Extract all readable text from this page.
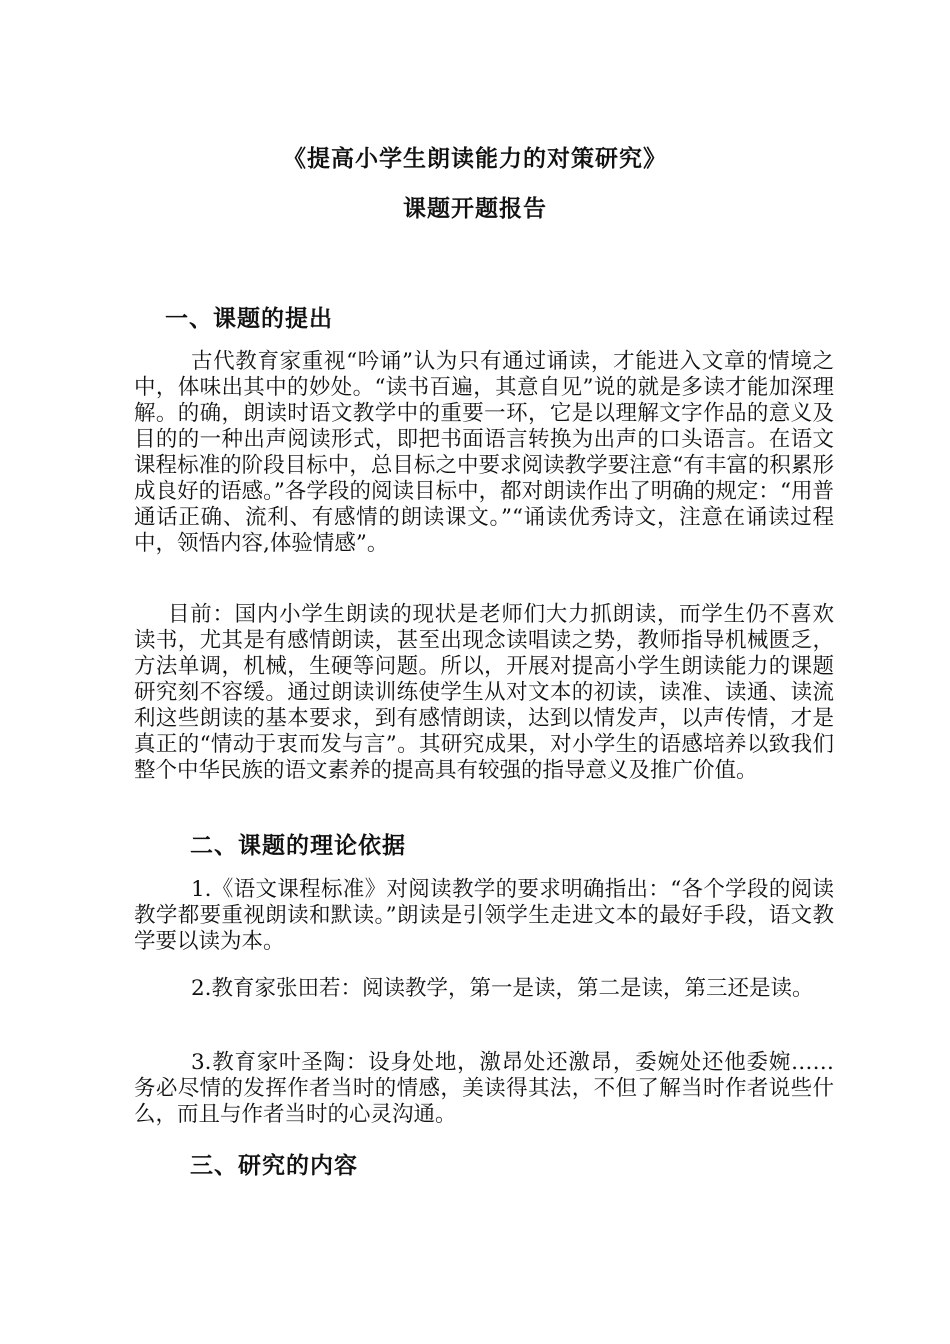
《提高小学生朗读能力的对策研究》
课题开题报告
一、课题的提出
古代教育家重视“吟诵”认为只有通过诵读，才能进入文章的情境之中，体味出其中的妙处。“读书百遍，其意自见”说的就是多读才能加深理解。的确，朗读时语文教学中的重要一环，它是以理解文字作品的意义及目的的一种出声阅读形式，即把书面语言转换为出声的口头语言。在语文课程标准的阶段目标中，总目标之中要求阅读教学要注意“有丰富的积累形成良好的语感。”各学段的阅读目标中，都对朗读作出了明确的规定：“用普通话正确、流利、有感情的朗读课文。”“诵读优秀诗文，注意在诵读过程中，领悟内容,体验情感”。
目前：国内小学生朗读的现状是老师们大力抓朗读，而学生仍不喜欢读书，尤其是有感情朗读，甚至出现念读唱读之势，教师指导机械匮乏，方法单调，机械，生硬等问题。所以，开展对提高小学生朗读能力的课题研究刻不容缓。通过朗读训练使学生从对文本的初读，读准、读通、读流利这些朗读的基本要求，到有感情朗读，达到以情发声，以声传情，才是真正的“情动于衷而发与言”。其研究成果，对小学生的语感培养以致我们整个中华民族的语文素养的提高具有较强的指导意义及推广价值。
二、课题的理论依据
1.《语文课程标准》对阅读教学的要求明确指出：“各个学段的阅读教学都要重视朗读和默读。”朗读是引领学生走进文本的最好手段，语文教学要以读为本。
2.教育家张田若：阅读教学，第一是读，第二是读，第三还是读。
3.教育家叶圣陶：设身处地，激昂处还激昂，委婉处还他委婉……务必尽情的发挥作者当时的情感，美读得其法，不但了解当时作者说些什么，而且与作者当时的心灵沟通。
三、研究的内容
